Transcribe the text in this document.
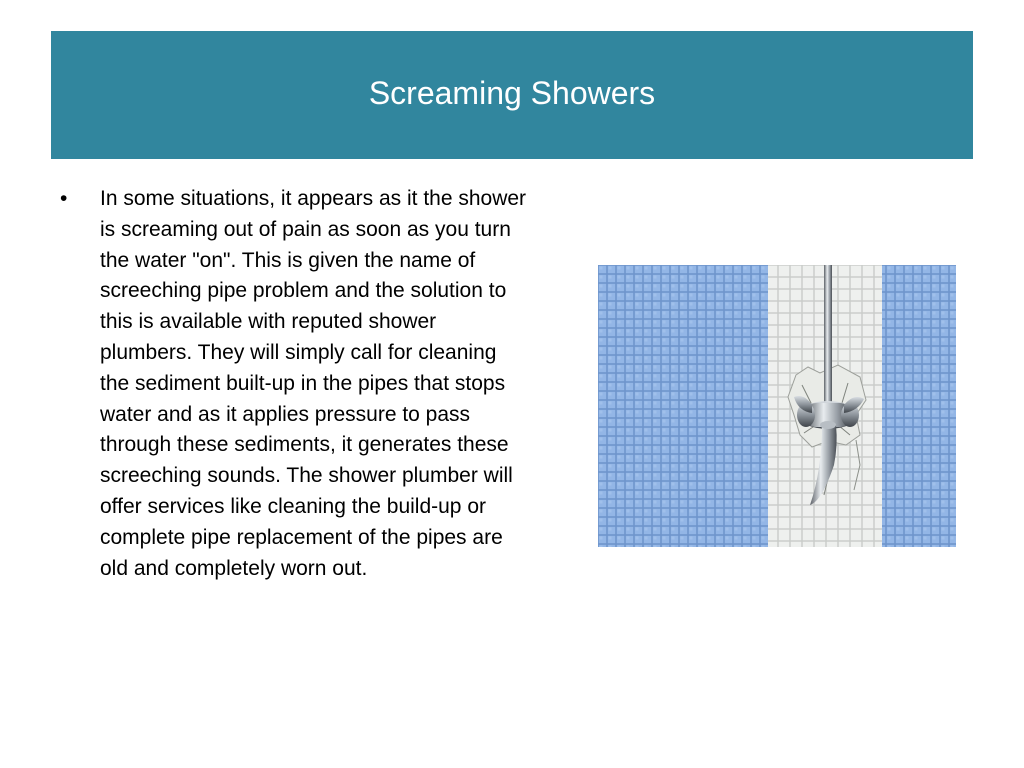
Screaming Showers
• In some situations, it appears as it the shower is screaming out of pain as soon as you turn the water "on". This is given the name of screeching pipe problem and the solution to this is available with reputed shower plumbers. They will simply call for cleaning the sediment built-up in the pipes that stops water and as it applies pressure to pass through these sediments, it generates these screeching sounds. The shower plumber will offer services like cleaning the build-up or complete pipe replacement of the pipes are old and completely worn out.
